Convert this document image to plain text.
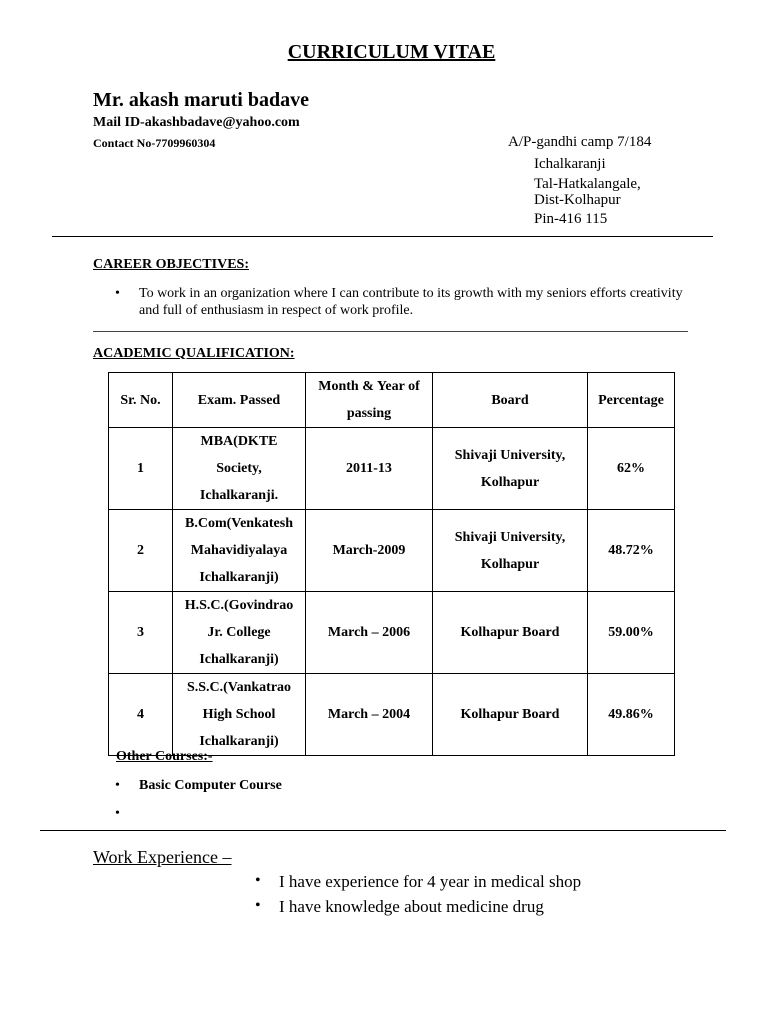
CURRICULUM VITAE
Mr. akash maruti badave
Mail ID-akashbadave@yahoo.com
Contact No-7709960304	A/P-gandhi camp 7/184
Ichalkaranji
Tal-Hatkalangale,
Dist-Kolhapur
Pin-416 115
CAREER OBJECTIVES:
• To work in an organization where I can contribute to its growth with my seniors efforts creativity and full of enthusiasm in respect of work profile.
ACADEMIC QUALIFICATION:
Sr. No.	Exam. Passed	Month & Year of passing	Board	Percentage
1	MBA(DKTE Society, Ichalkaranji.	2011-13	Shivaji University, Kolhapur	62%
2	B.Com(Venkatesh Mahavidiyalaya Ichalkaranji)	March-2009	Shivaji University, Kolhapur	48.72%
3	H.S.C.(Govindrao Jr. College Ichalkaranji)	March – 2006	Kolhapur Board	59.00%
4	S.S.C.(Vankatrao High School Ichalkaranji)	March – 2004	Kolhapur Board	49.86%
Other Courses:-
• Basic Computer Course
•
Work Experience –
• I have experience for 4 year in medical shop
• I have knowledge about medicine drug
